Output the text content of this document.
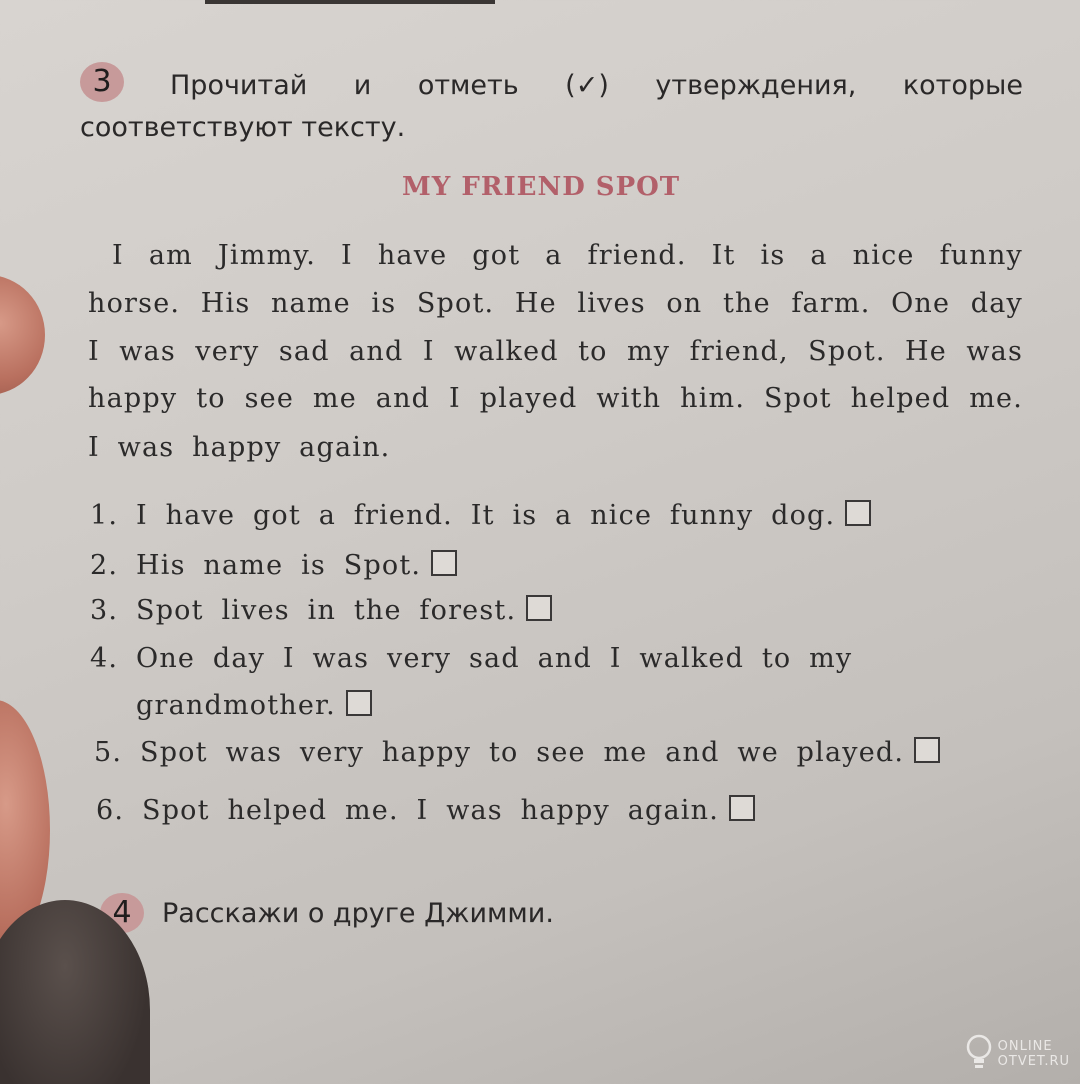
3	Прочитай и отметь (✓) утверждения, которые
соответствуют тексту.
MY FRIEND SPOT
I am Jimmy. I have got a friend. It is a nice funny
horse. His name is Spot. He lives on the farm. One day
I was very sad and I walked to my friend, Spot. He was
happy to see me and I played with him. Spot helped me.
I was happy again.
1. I have got a friend. It is a nice funny dog.
2. His name is Spot.
3. Spot lives in the forest.
4. One day I was very sad and I walked to my
grandmother.
5. Spot was very happy to see me and we played.
6. Spot helped me. I was happy again.
4	Расскажи о друге Джимми.
ONLINE
OTVET.RU
